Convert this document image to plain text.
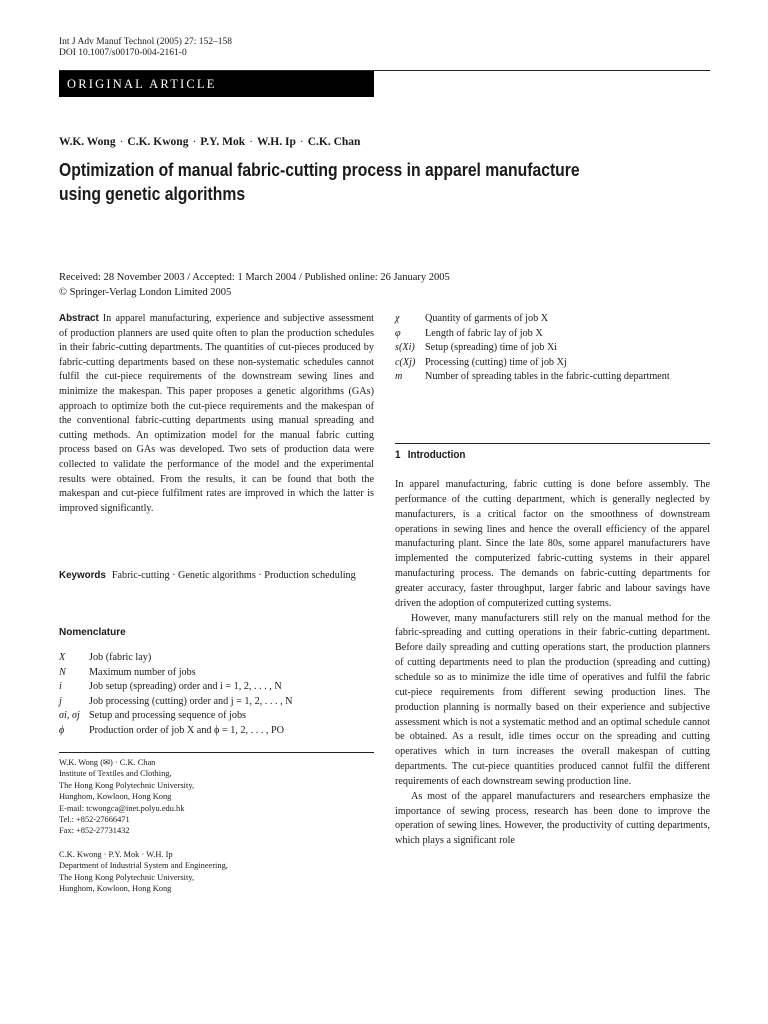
Int J Adv Manuf Technol (2005) 27: 152–158
DOI 10.1007/s00170-004-2161-0
ORIGINAL ARTICLE
W.K. Wong · C.K. Kwong · P.Y. Mok · W.H. Ip · C.K. Chan
Optimization of manual fabric-cutting process in apparel manufacture
using genetic algorithms
Received: 28 November 2003 / Accepted: 1 March 2004 / Published online: 26 January 2005
© Springer-Verlag London Limited 2005
Abstract In apparel manufacturing, experience and subjective assessment of production planners are used quite often to plan the production schedules in their fabric-cutting departments. The quantities of cut-pieces produced by fabric-cutting departments based on these non-systematic schedules cannot fulfil the cut-piece requirements of the downstream sewing lines and minimize the makespan. This paper proposes a genetic algorithms (GAs) approach to optimize both the cut-piece requirements and the makespan of the conventional fabric-cutting departments using manual spreading and cutting methods. An optimization model for the manual fabric cutting process based on GAs was developed. Two sets of production data were collected to validate the performance of the model and the experimental results were obtained. From the results, it can be found that both the makespan and cut-piece fulfilment rates are improved in which the latter is improved significantly.
Keywords Fabric-cutting · Genetic algorithms · Production scheduling
Nomenclature
X Job (fabric lay)
N Maximum number of jobs
i	Job setup (spreading) order and i = 1, 2, . . . , N
j	Job processing (cutting) order and j = 1, 2, . . . , N
σi, σj Setup and processing sequence of jobs
ϕ Production order of job X and ϕ = 1, 2, . . . , PO
W.K. Wong (✉) · C.K. Chan
Institute of Textiles and Clothing,
The Hong Kong Polytechnic University,
Hunghom, Kowloon, Hong Kong
E-mail: tcwongca@inet.polyu.edu.hk
Tel.: +852-27666471
Fax: +852-27731432
C.K. Kwong · P.Y. Mok · W.H. Ip
Department of Industrial System and Engineering,
The Hong Kong Polytechnic University,
Hunghom, Kowloon, Hong Kong
χ	Quantity of garments of job X
φ Length of fabric lay of job X
s(Xi) Setup (spreading) time of job Xi
c(Xj) Processing (cutting) time of job Xj
m Number of spreading tables in the fabric-cutting department
1 Introduction

In apparel manufacturing, fabric cutting is done before assembly. The performance of the cutting department, which is generally neglected by manufacturers, is a critical factor on the smoothness of downstream operations in sewing lines and hence the overall efficiency of the apparel manufacturing plant. Since the late 80s, some apparel manufacturers have implemented the computerized fabric-cutting systems in their apparel manufacturing process. The demands on fabric-cutting departments for greater accuracy, faster throughput, larger fabric and labour savings have driven the adoption of computerized cutting systems.

However, many manufacturers still rely on the manual method for the fabric-spreading and cutting operations in their fabric-cutting department. Before daily spreading and cutting operations start, the production planners of cutting departments need to plan the production (spreading and cutting) schedule so as to minimize the idle time of operatives and fulfil the fabric cut-piece requirements from different sewing production lines. The production planning is normally based on their experience and subjective assessment which is not a systematic method and an optimal schedule cannot be obtained. As a result, idle times occur on the spreading and cutting operatives which in turn increases the overall makespan of cutting departments. The cut-piece quantities produced cannot fulfil the different requirements of each downstream sewing production line.

As most of the apparel manufacturers and researchers emphasize the importance of sewing process, research has been done to improve the operation of sewing lines. However, the productivity of cutting departments, which plays a significant role
